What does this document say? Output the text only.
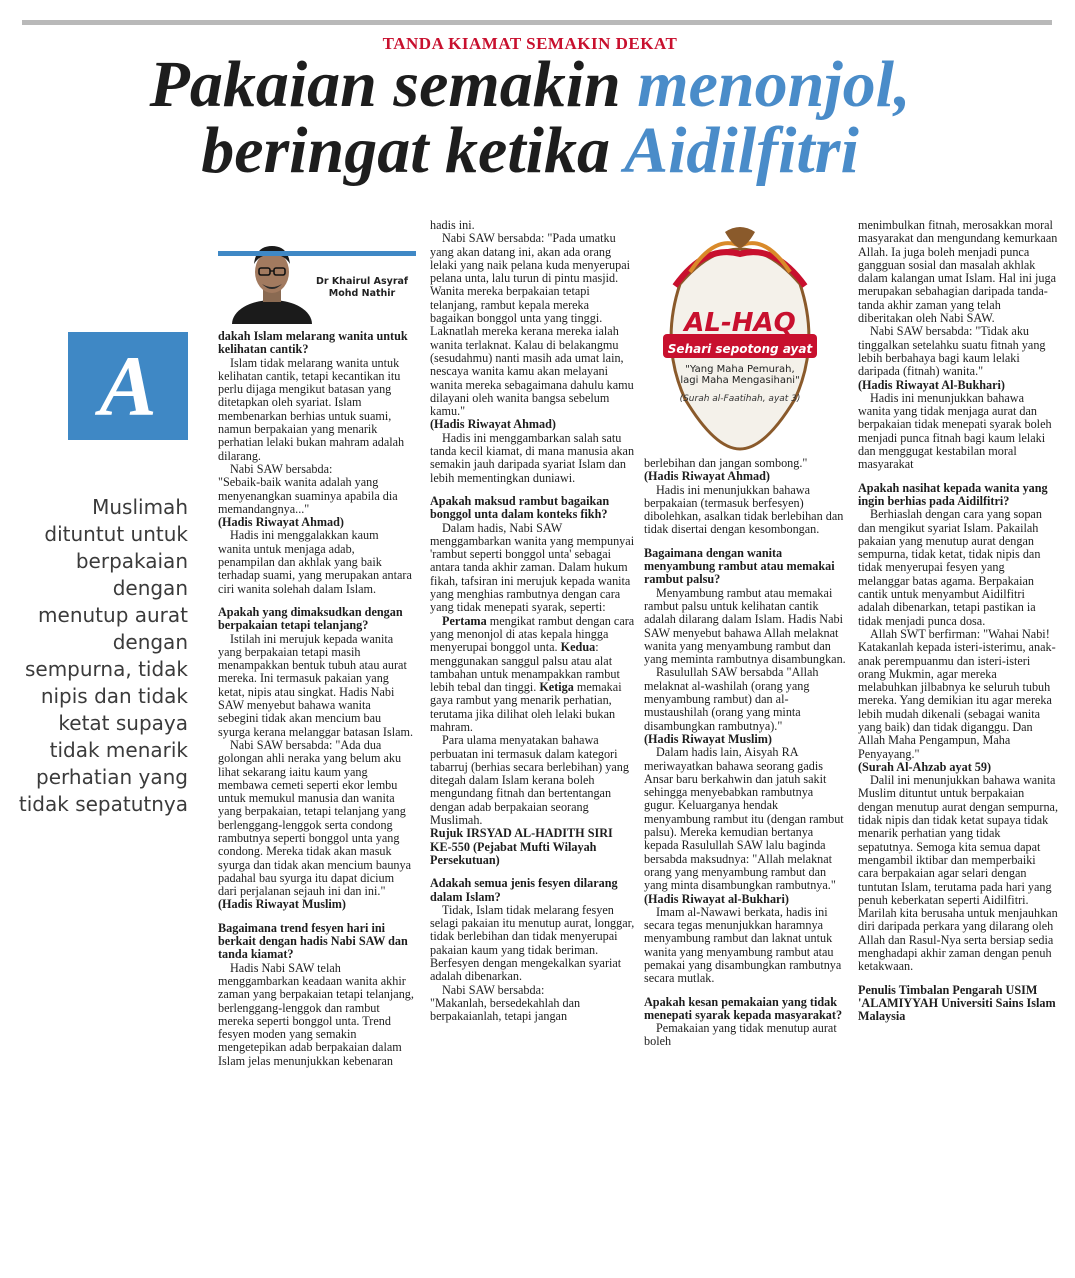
TANDA KIAMAT SEMAKIN DEKAT
Pakaian semakin menonjol,
beringat ketika Aidilfitri
A
Muslimah dituntut untuk berpakaian dengan menutup aurat dengan sempurna, tidak nipis dan tidak ketat supaya tidak menarik perhatian yang tidak sepatutnya
Dr Khairul Asyraf
Mohd Nathir

dakah Islam melarang wanita untuk kelihatan cantik?

Islam tidak melarang wanita untuk kelihatan cantik, tetapi kecantikan itu perlu dijaga mengikut batasan yang ditetapkan oleh syariat. Islam membenarkan berhias untuk suami, namun berpakaian yang menarik perhatian lelaki bukan mahram adalah dilarang.

Nabi SAW bersabda:

"Sebaik-baik wanita adalah yang menyenangkan suaminya apabila dia memandangnya..."

(Hadis Riwayat Ahmad)

Hadis ini menggalakkan kaum wanita untuk menjaga adab, penampilan dan akhlak yang baik terhadap suami, yang merupakan antara ciri wanita solehah dalam Islam.

Apakah yang dimaksudkan dengan berpakaian tetapi telanjang?

Istilah ini merujuk kepada wanita yang berpakaian tetapi masih menampakkan bentuk tubuh atau aurat mereka. Ini termasuk pakaian yang ketat, nipis atau singkat. Hadis Nabi SAW menyebut bahawa wanita sebegini tidak akan mencium bau syurga kerana melanggar batasan Islam.

Nabi SAW bersabda: "Ada dua golongan ahli neraka yang belum aku lihat sekarang iaitu kaum yang membawa cemeti seperti ekor lembu untuk memukul manusia dan wanita yang berpakaian, tetapi telanjang yang berlenggang-lenggok serta condong rambutnya seperti bonggol unta yang condong. Mereka tidak akan masuk syurga dan tidak akan mencium baunya padahal bau syurga itu dapat dicium dari perjalanan sejauh ini dan ini."

(Hadis Riwayat Muslim)

Bagaimana trend fesyen hari ini berkait dengan hadis Nabi SAW dan tanda kiamat?

Hadis Nabi SAW telah menggambarkan keadaan wanita akhir zaman yang berpakaian tetapi telanjang, berlenggang-lenggok dan rambut mereka seperti bonggol unta. Trend fesyen moden yang semakin mengetepikan adab berpakaian dalam Islam jelas menunjukkan kebenaran

hadis ini.

Nabi SAW bersabda: "Pada umatku yang akan datang ini, akan ada orang lelaki yang naik pelana kuda menyerupai pelana unta, lalu turun di pintu masjid. Wanita mereka berpakaian tetapi telanjang, rambut kepala mereka bagaikan bonggol unta yang tinggi. Laknatlah mereka kerana mereka ialah wanita terlaknat. Kalau di belakangmu (sesudahmu) nanti masih ada umat lain, nescaya wanita kamu akan melayani wanita mereka sebagaimana dahulu kamu dilayani oleh wanita bangsa sebelum kamu."

(Hadis Riwayat Ahmad)

Hadis ini menggambarkan salah satu tanda kecil kiamat, di mana manusia akan semakin jauh daripada syariat Islam dan lebih mementingkan duniawi.

Apakah maksud rambut bagaikan bonggol unta dalam konteks fikh?

Dalam hadis, Nabi SAW menggambarkan wanita yang mempunyai 'rambut seperti bonggol unta' sebagai antara tanda akhir zaman. Dalam hukum fikah, tafsiran ini merujuk kepada wanita yang menghias rambutnya dengan cara yang tidak menepati syarak, seperti:

Pertama mengikat rambut dengan cara yang menonjol di atas kepala hingga menyerupai bonggol unta. Kedua: menggunakan sanggul palsu atau alat tambahan untuk menampakkan rambut lebih tebal dan tinggi. Ketiga memakai gaya rambut yang menarik perhatian, terutama jika dilihat oleh lelaki bukan mahram.

Para ulama menyatakan bahawa perbuatan ini termasuk dalam kategori tabarruj (berhias secara berlebihan) yang ditegah dalam Islam kerana boleh mengundang fitnah dan bertentangan dengan adab berpakaian seorang Muslimah.

Rujuk IRSYAD AL-HADITH SIRI KE-550 (Pejabat Mufti Wilayah Persekutuan)

Adakah semua jenis fesyen dilarang dalam Islam?

Tidak, Islam tidak melarang fesyen selagi pakaian itu menutup aurat, longgar, tidak berlebihan dan tidak menyerupai pakaian kaum yang tidak beriman. Berfesyen dengan mengekalkan syariat adalah dibenarkan.

Nabi SAW bersabda:

"Makanlah, bersedekahlah dan berpakaianlah, tetapi jangan

AL-HAQ
Sehari sepotong ayat
"Yang Maha Pemurah, lagi Maha Mengasihani"
(Surah al-Faatihah, ayat 3)

berlebihan dan jangan sombong."

(Hadis Riwayat Ahmad)

Hadis ini menunjukkan bahawa berpakaian (termasuk berfesyen) dibolehkan, asalkan tidak berlebihan dan tidak disertai dengan kesombongan.

Bagaimana dengan wanita menyambung rambut atau memakai rambut palsu?

Menyambung rambut atau memakai rambut palsu untuk kelihatan cantik adalah dilarang dalam Islam. Hadis Nabi SAW menyebut bahawa Allah melaknat wanita yang menyambung rambut dan yang meminta rambutnya disambungkan.

Rasulullah SAW bersabda "Allah melaknat al-washilah (orang yang menyambung rambut) dan al-mustaushilah (orang yang minta disambungkan rambutnya)."

(Hadis Riwayat Muslim)

Dalam hadis lain, Aisyah RA meriwayatkan bahawa seorang gadis Ansar baru berkahwin dan jatuh sakit sehingga menyebabkan rambutnya gugur. Keluarganya hendak menyambung rambut itu (dengan rambut palsu). Mereka kemudian bertanya kepada Rasulullah SAW lalu baginda bersabda maksudnya: "Allah melaknat orang yang menyambung rambut dan yang minta disambungkan rambutnya."

(Hadis Riwayat al-Bukhari)

Imam al-Nawawi berkata, hadis ini secara tegas menunjukkan haramnya menyambung rambut dan laknat untuk wanita yang menyambung rambut atau pemakai yang disambungkan rambutnya secara mutlak.

Apakah kesan pemakaian yang tidak menepati syarak kepada masyarakat?

Pemakaian yang tidak menutup aurat boleh

menimbulkan fitnah, merosakkan moral masyarakat dan mengundang kemurkaan Allah. Ia juga boleh menjadi punca gangguan sosial dan masalah akhlak dalam kalangan umat Islam. Hal ini juga merupakan sebahagian daripada tanda-tanda akhir zaman yang telah diberitakan oleh Nabi SAW.

Nabi SAW bersabda: "Tidak aku tinggalkan setelahku suatu fitnah yang lebih berbahaya bagi kaum lelaki daripada (fitnah) wanita."

(Hadis Riwayat Al-Bukhari)

Hadis ini menunjukkan bahawa wanita yang tidak menjaga aurat dan berpakaian tidak menepati syarak boleh menjadi punca fitnah bagi kaum lelaki dan menggugat kestabilan moral masyarakat

Apakah nasihat kepada wanita yang ingin berhias pada Aidilfitri?

Berhiaslah dengan cara yang sopan dan mengikut syariat Islam. Pakailah pakaian yang menutup aurat dengan sempurna, tidak ketat, tidak nipis dan tidak menyerupai fesyen yang melanggar batas agama. Berpakaian cantik untuk menyambut Aidilfitri adalah dibenarkan, tetapi pastikan ia tidak menjadi punca dosa.

Allah SWT berfirman: "Wahai Nabi! Katakanlah kepada isteri-isterimu, anak-anak perempuanmu dan isteri-isteri orang Mukmin, agar mereka melabuhkan jilbabnya ke seluruh tubuh mereka. Yang demikian itu agar mereka lebih mudah dikenali (sebagai wanita yang baik) dan tidak diganggu. Dan Allah Maha Pengampun, Maha Penyayang."

(Surah Al-Ahzab ayat 59)

Dalil ini menunjukkan bahawa wanita Muslim dituntut untuk berpakaian dengan menutup aurat dengan sempurna, tidak nipis dan tidak ketat supaya tidak menarik perhatian yang tidak sepatutnya. Semoga kita semua dapat mengambil iktibar dan memperbaiki cara berpakaian agar selari dengan tuntutan Islam, terutama pada hari yang penuh keberkatan seperti Aidilfitri. Marilah kita berusaha untuk menjauhkan diri daripada perkara yang dilarang oleh Allah dan Rasul-Nya serta bersiap sedia menghadapi akhir zaman dengan penuh ketakwaan.

Penulis Timbalan Pengarah USIM 'ALAMIYYAH Universiti Sains Islam Malaysia
